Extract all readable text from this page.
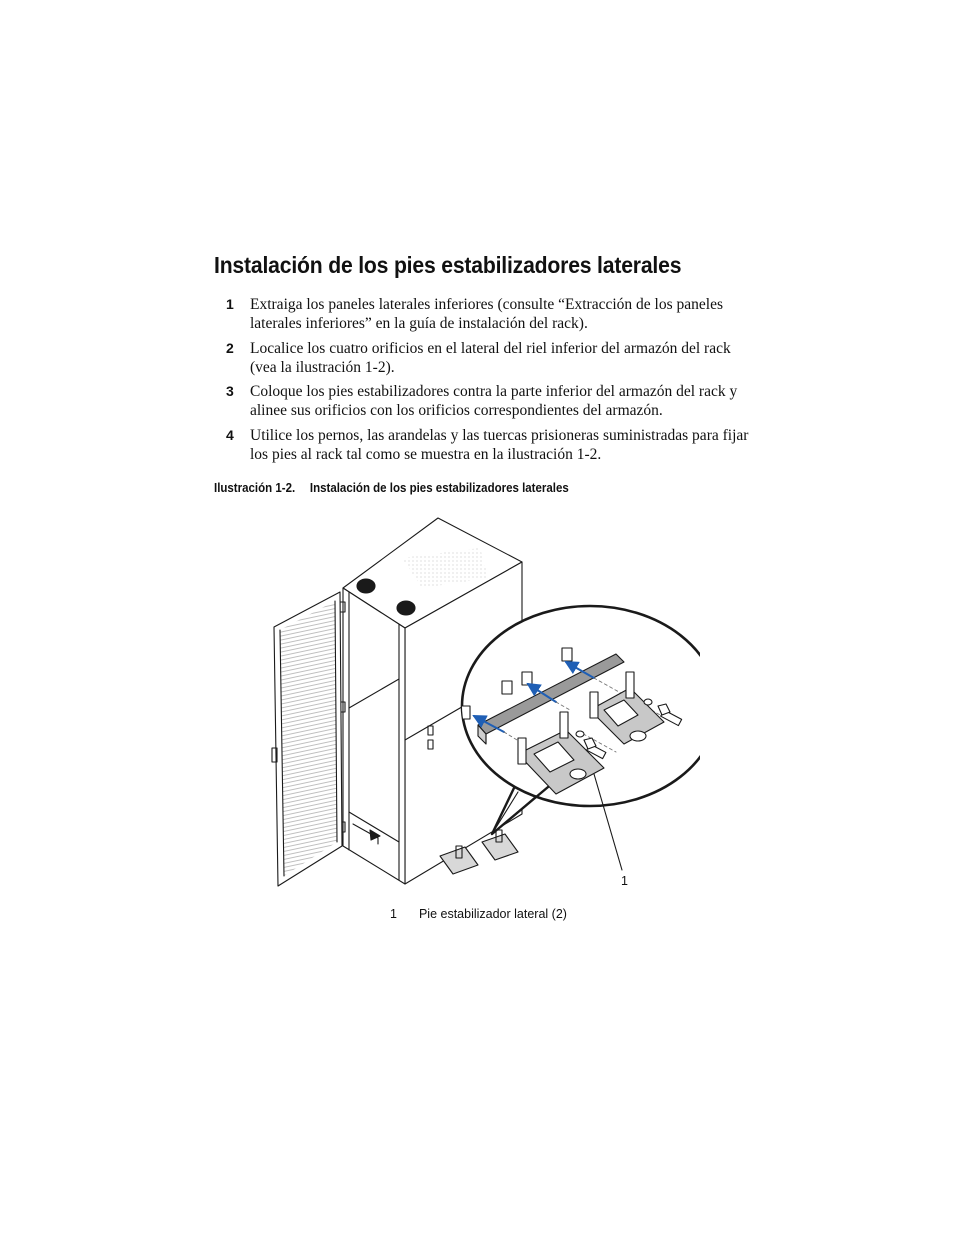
Instalación de los pies estabilizadores laterales
1 Extraiga los paneles laterales inferiores (consulte “Extracción de los paneles laterales inferiores” en la guía de instalación del rack).
2 Localice los cuatro orificios en el lateral del riel inferior del armazón del rack (vea la ilustración 1-2).
3 Coloque los pies estabilizadores contra la parte inferior del armazón del rack y alinee sus orificios con los orificios correspondientes del armazón.
4 Utilice los pernos, las arandelas y las tuercas prisioneras suministradas para fijar los pies al rack tal como se muestra en la ilustración 1-2.
Ilustración 1-2. Instalación de los pies estabilizadores laterales
1
1 Pie estabilizador lateral (2)
